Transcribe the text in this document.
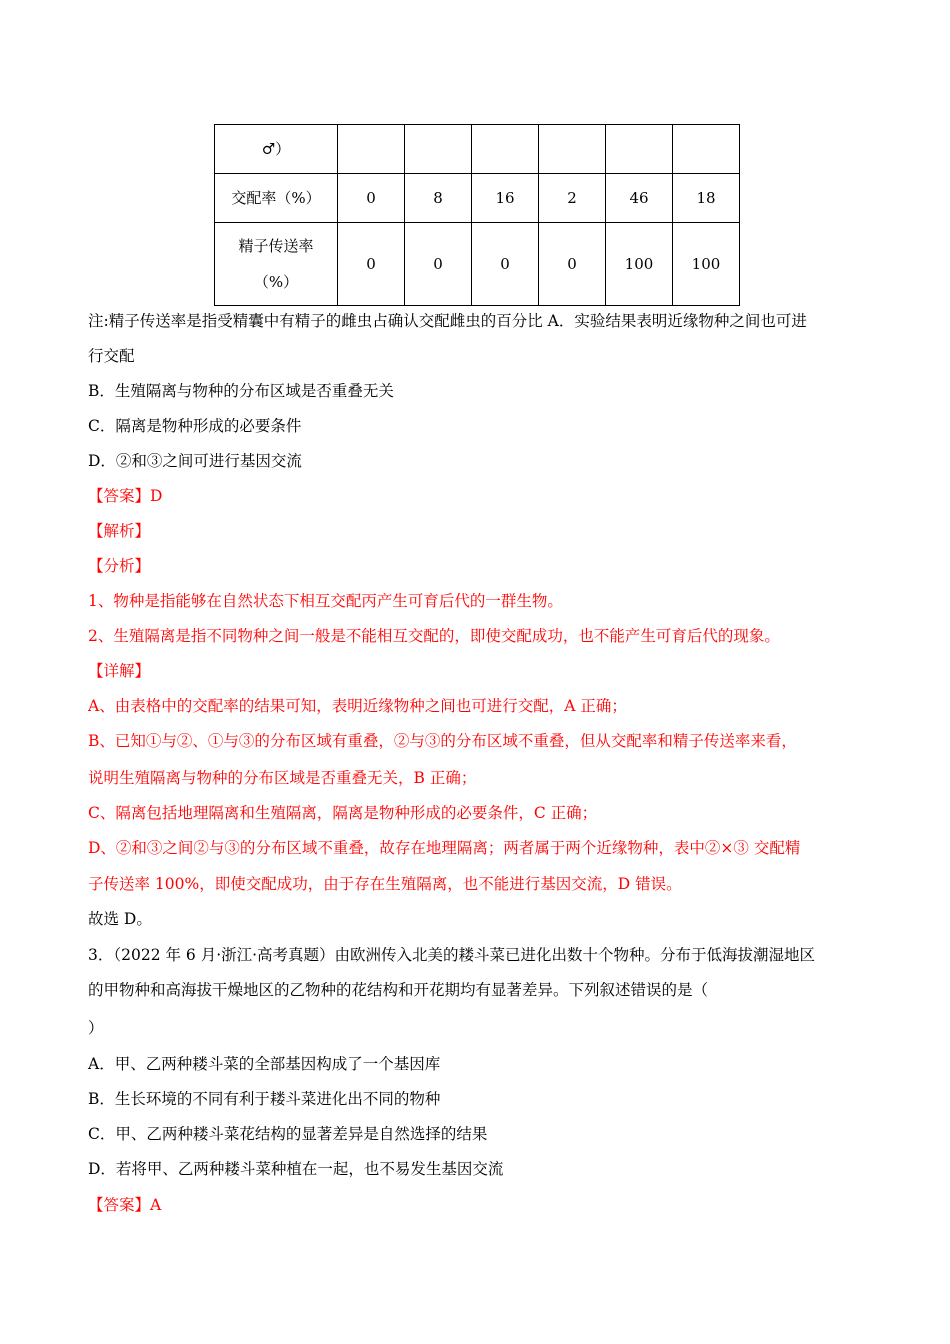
♂）						
交配率（%）	0	8	16	2	46	18

精子传送率
（%）	0	0	0	0	100	100
注:精子传送率是指受精囊中有精子的雌虫占确认交配雌虫的百分比 A．实验结果表明近缘物种之间也可进
行交配
B．生殖隔离与物种的分布区域是否重叠无关
C．隔离是物种形成的必要条件
D．②和③之间可进行基因交流
【答案】D
【解析】
【分析】
1、物种是指能够在自然状态下相互交配丙产生可育后代的一群生物。
2、生殖隔离是指不同物种之间一般是不能相互交配的，即使交配成功，也不能产生可育后代的现象。
【详解】
A、由表格中的交配率的结果可知，表明近缘物种之间也可进行交配，A 正确；
B、已知①与②、①与③的分布区域有重叠，②与③的分布区域不重叠，但从交配率和精子传送率来看，
说明生殖隔离与物种的分布区域是否重叠无关，B 正确；
C、隔离包括地理隔离和生殖隔离，隔离是物种形成的必要条件，C 正确；
D、②和③之间②与③的分布区域不重叠，故存在地理隔离；两者属于两个近缘物种，表中②×③ 交配精
子传送率 100%，即使交配成功，由于存在生殖隔离，也不能进行基因交流，D 错误。
故选 D。
3．（2022 年 6 月·浙江·高考真题）由欧洲传入北美的耧斗菜已进化出数十个物种。分布于低海拔潮湿地区
的甲物种和高海拔干燥地区的乙物种的花结构和开花期均有显著差异。下列叙述错误的是（
）
A．甲、乙两种耧斗菜的全部基因构成了一个基因库
B．生长环境的不同有利于耧斗菜进化出不同的物种
C．甲、乙两种耧斗菜花结构的显著差异是自然选择的结果
D．若将甲、乙两种耧斗菜种植在一起，也不易发生基因交流
【答案】A
